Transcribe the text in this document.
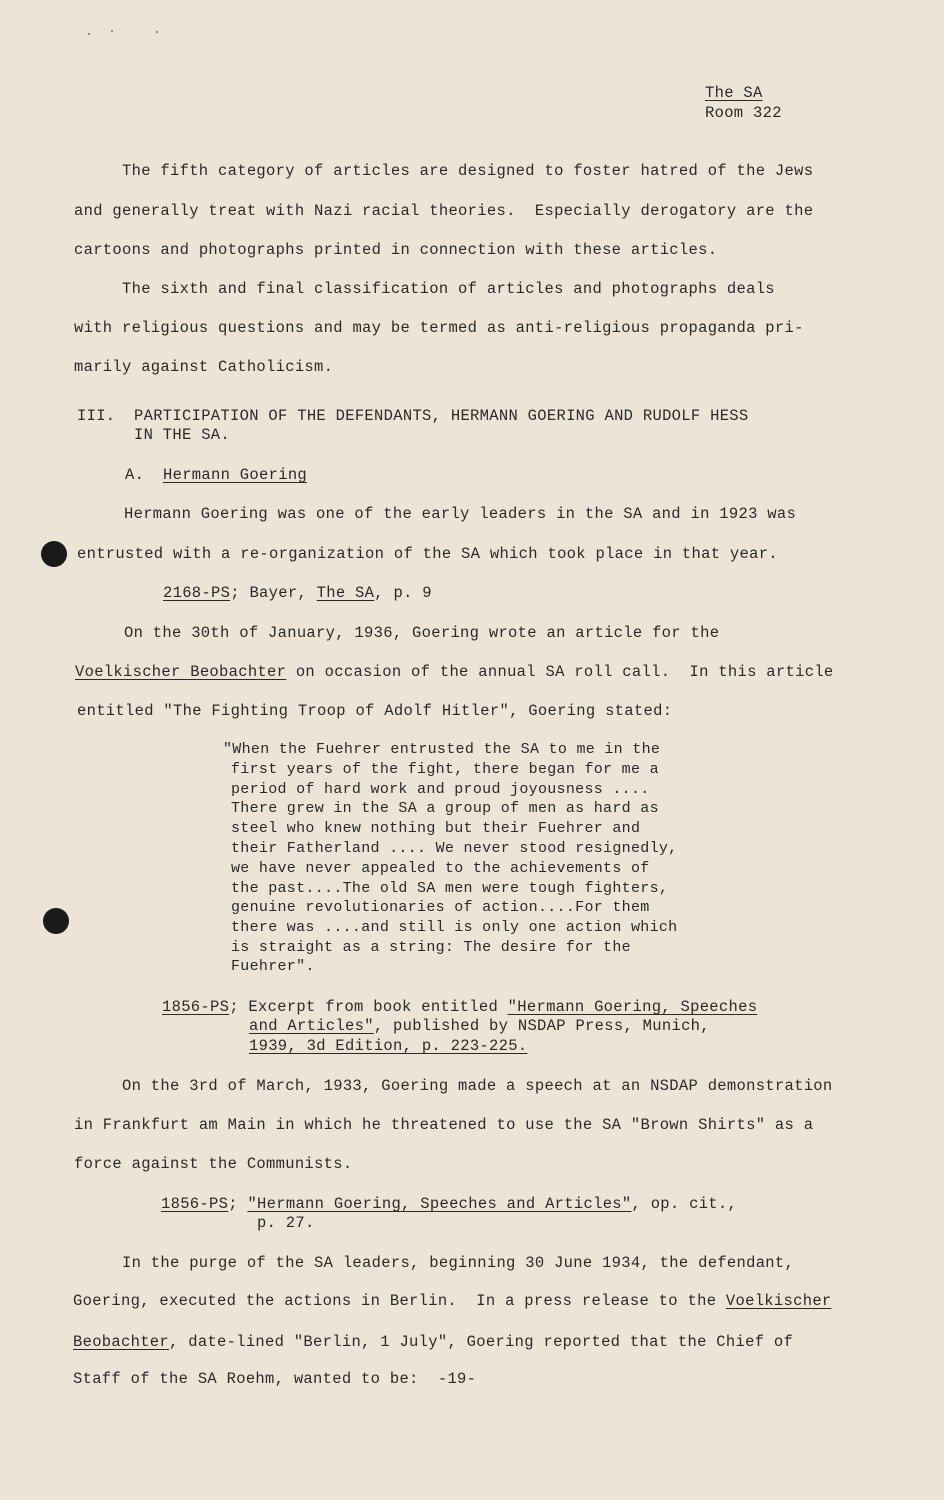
The SA
Room 322
The fifth category of articles are designed to foster hatred of the Jews
and generally treat with Nazi racial theories.  Especially derogatory are the
cartoons and photographs printed in connection with these articles.
The sixth and final classification of articles and photographs deals
with religious questions and may be termed as anti-religious propaganda pri-
marily against Catholicism.
III. PARTICIPATION OF THE DEFENDANTS, HERMANN GOERING AND RUDOLF HESS
IN THE SA.
A. Hermann Goering
Hermann Goering was one of the early leaders in the SA and in 1923 was
entrusted with a re-organization of the SA which took place in that year.
2168-PS; Bayer, The SA, p. 9
On the 30th of January, 1936, Goering wrote an article for the
Voelkischer Beobachter on occasion of the annual SA roll call.  In this article
entitled "The Fighting Troop of Adolf Hitler", Goering stated:
"When the Fuehrer entrusted the SA to me in the
first years of the fight, there began for me a
period of hard work and proud joyousness ....
There grew in the SA a group of men as hard as
steel who knew nothing but their Fuehrer and
their Fatherland .... We never stood resignedly,
we have never appealed to the achievements of
the past....The old SA men were tough fighters,
genuine revolutionaries of action....For them
there was ....and still is only one action which
is straight as a string: The desire for the
Fuehrer".
1856-PS; Excerpt from book entitled "Hermann Goering, Speeches
and Articles", published by NSDAP Press, Munich,
1939, 3d Edition, p. 223-225.
On the 3rd of March, 1933, Goering made a speech at an NSDAP demonstration
in Frankfurt am Main in which he threatened to use the SA "Brown Shirts" as a
force against the Communists.
1856-PS; "Hermann Goering, Speeches and Articles", op. cit.,
p. 27.
In the purge of the SA leaders, beginning 30 June 1934, the defendant,
Goering, executed the actions in Berlin.  In a press release to the Voelkischer
Beobachter, date-lined "Berlin, 1 July", Goering reported that the Chief of
Staff of the SA Roehm, wanted to be:  -19-
